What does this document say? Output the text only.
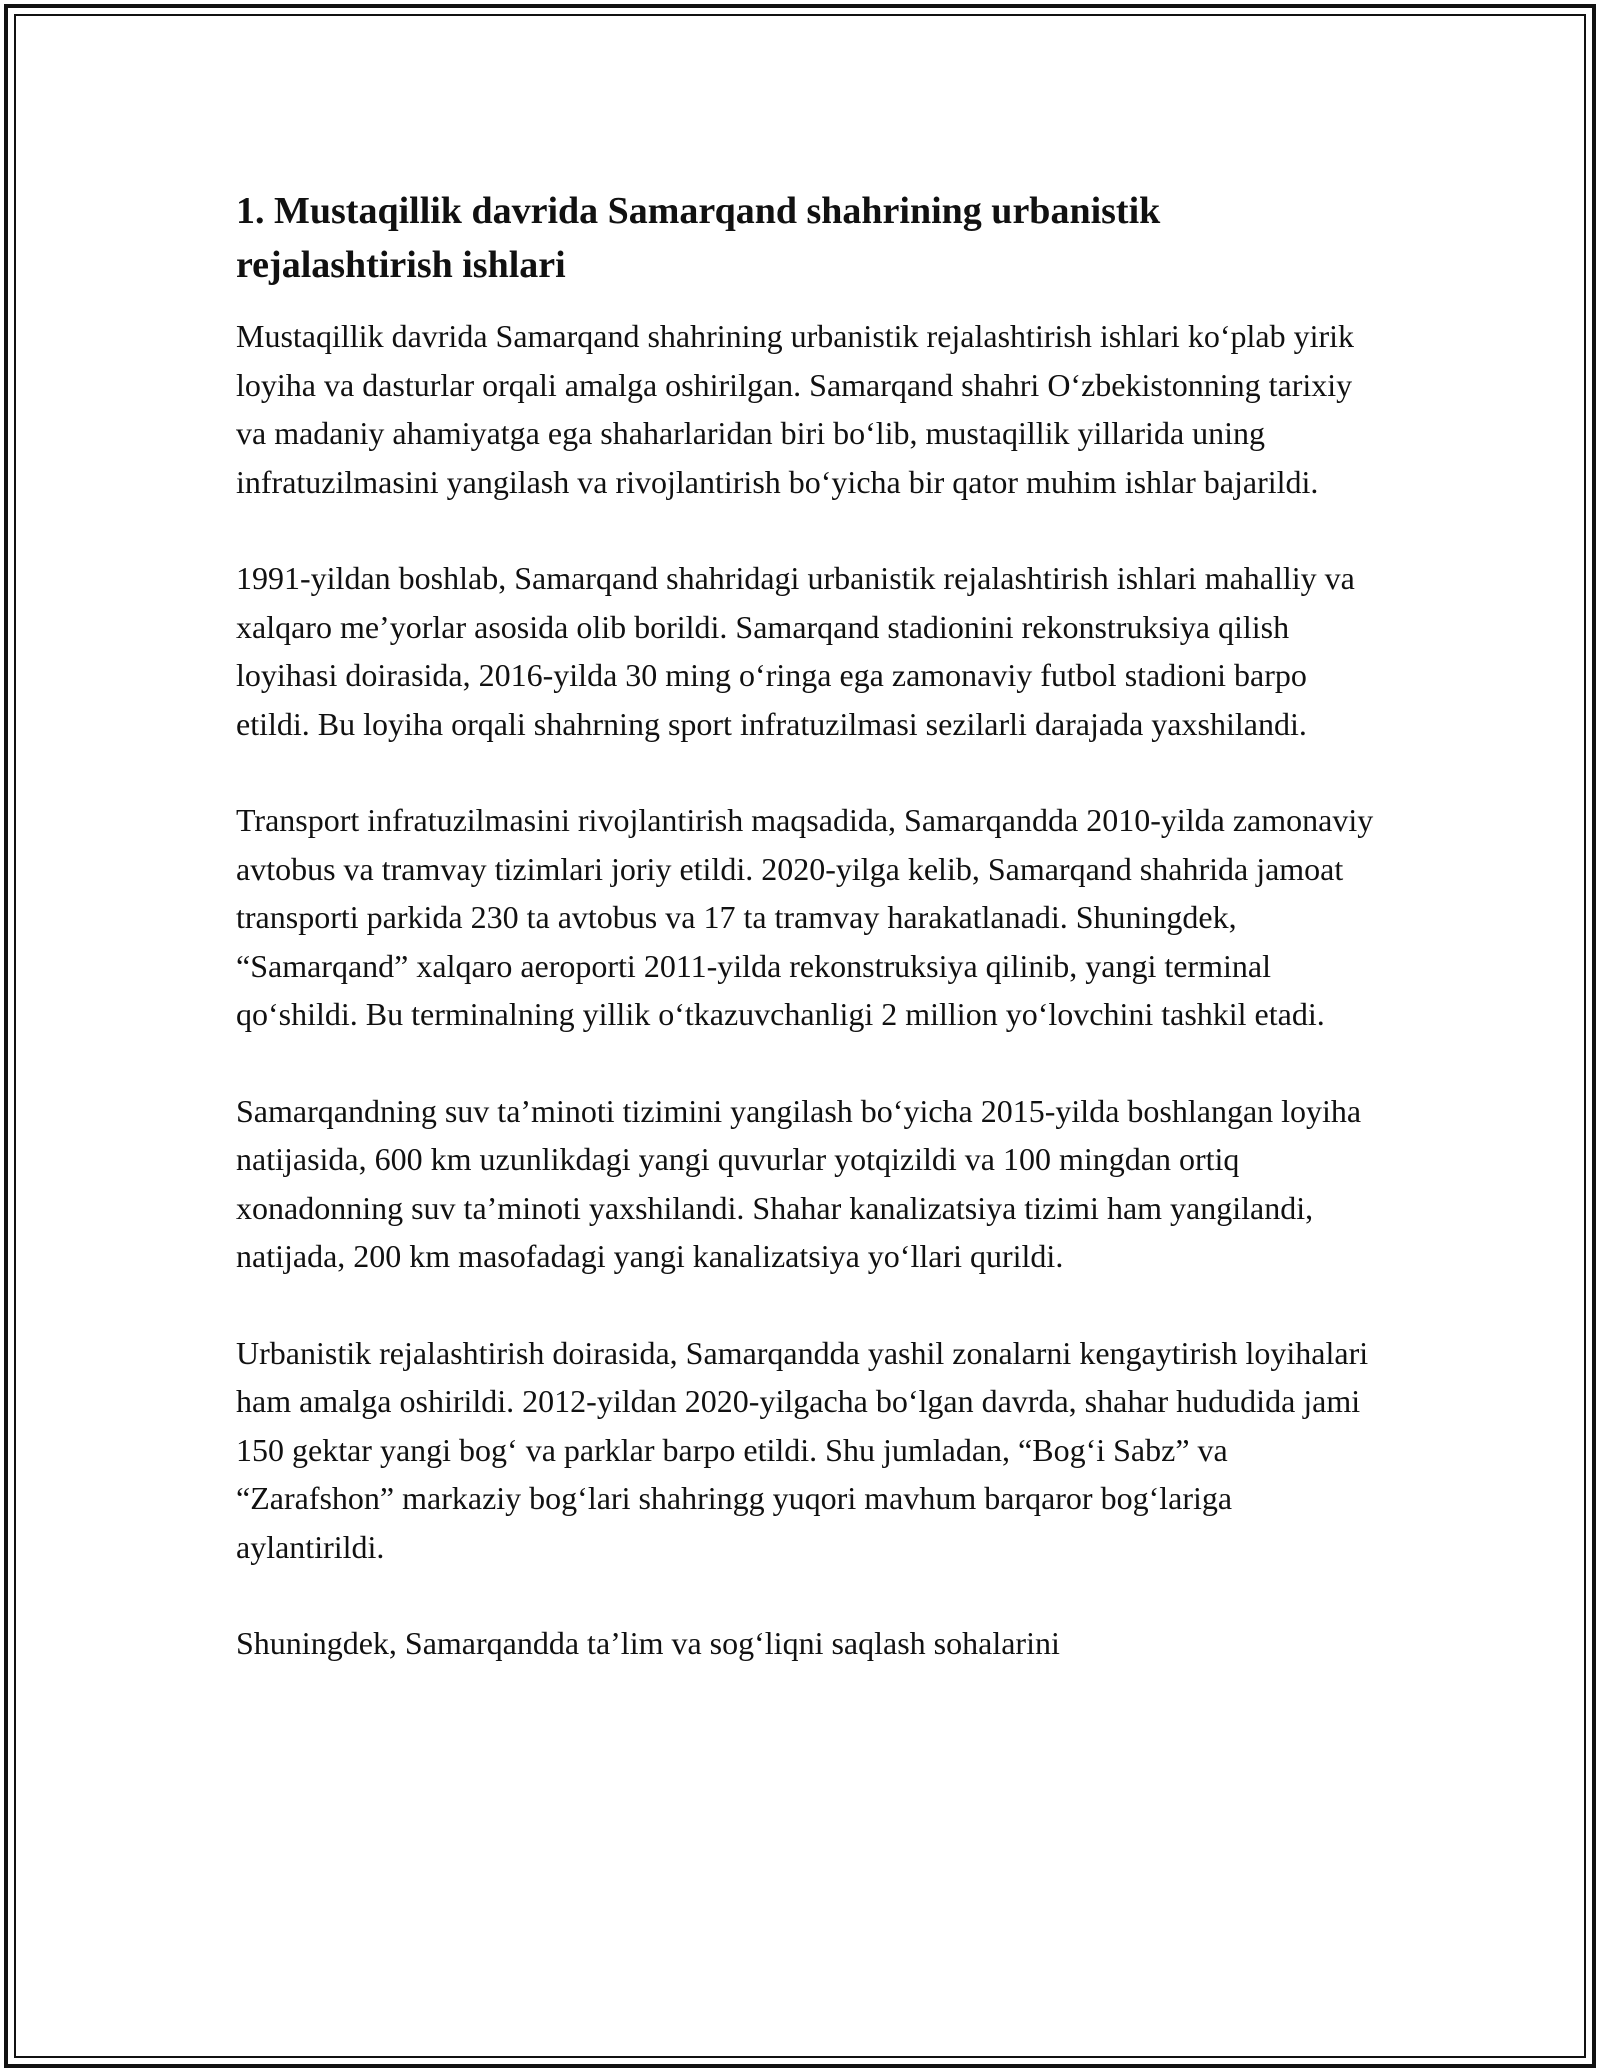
1. Mustaqillik davrida Samarqand shahrining urbanistik rejalashtirish ishlari

Mustaqillik davrida Samarqand shahrining urbanistik rejalashtirish ishlari ko‘plab yirik loyiha va dasturlar orqali amalga oshirilgan. Samarqand shahri O‘zbekistonning tarixiy va madaniy ahamiyatga ega shaharlaridan biri bo‘lib, mustaqillik yillarida uning infratuzilmasini yangilash va rivojlantirish bo‘yicha bir qator muhim ishlar bajarildi.

1991-yildan boshlab, Samarqand shahridagi urbanistik rejalashtirish ishlari mahalliy va xalqaro me’yorlar asosida olib borildi. Samarqand stadionini rekonstruksiya qilish loyihasi doirasida, 2016-yilda 30 ming o‘ringa ega zamonaviy futbol stadioni barpo etildi. Bu loyiha orqali shahrning sport infratuzilmasi sezilarli darajada yaxshilandi.

Transport infratuzilmasini rivojlantirish maqsadida, Samarqandda 2010-yilda zamonaviy avtobus va tramvay tizimlari joriy etildi. 2020-yilga kelib, Samarqand shahrida jamoat transporti parkida 230 ta avtobus va 17 ta tramvay harakatlanadi. Shuningdek, “Samarqand” xalqaro aeroporti 2011-yilda rekonstruksiya qilinib, yangi terminal qo‘shildi. Bu terminalning yillik o‘tkazuvchanligi 2 million yo‘lovchini tashkil etadi.

Samarqandning suv ta’minoti tizimini yangilash bo‘yicha 2015-yilda boshlangan loyiha natijasida, 600 km uzunlikdagi yangi quvurlar yotqizildi va 100 mingdan ortiq xonadonning suv ta’minoti yaxshilandi. Shahar kanalizatsiya tizimi ham yangilandi, natijada, 200 km masofadagi yangi kanalizatsiya yo‘llari qurildi.

Urbanistik rejalashtirish doirasida, Samarqandda yashil zonalarni kengaytirish loyihalari ham amalga oshirildi. 2012-yildan 2020-yilgacha bo‘lgan davrda, shahar hududida jami 150 gektar yangi bog‘ va parklar barpo etildi. Shu jumladan, “Bog‘i Sabz” va “Zarafshon” markaziy bog‘lari shahringg yuqori mavhum barqaror bog‘lariga aylantirildi.

Shuningdek, Samarqandda ta’lim va sog‘liqni saqlash sohalarini
